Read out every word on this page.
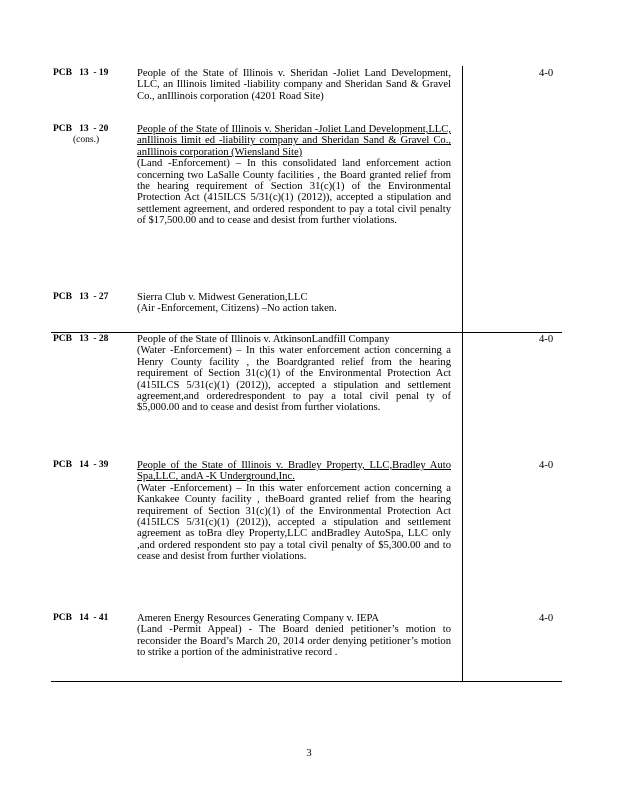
PCB   13  - 19	People of the State of Illinois v. Sheridan -Joliet Land Development, LLC, an Illinois limited -liability company and Sheridan Sand & Gravel Co., anIllinois corporation (4201 Road Site)

4-0
PCB   13  - 20
(cons.)

People of the State of Illinois v. Sheridan -Joliet Land Development,LLC, anIllinois limit ed -liability company and Sheridan Sand & Gravel Co., anIllinois corporation (Wiensland Site)

(Land -Enforcement) – In this consolidated land enforcement action concerning two LaSalle County facilities , the Board granted relief from the hearing requirement of Section 31(c)(1) of the Environmental Protection Act (415ILCS 5/31(c)(1) (2012)), accepted a stipulation and settlement agreement, and ordered respondent to pay a total civil penalty of $17,500.00 and to cease and desist from further violations.

PCB   13  - 27	Sierra Club v. Midwest Generation,LLC

(Air -Enforcement, Citizens) –No action taken.

PCB   13  - 28	People of the State of Illinois v. AtkinsonLandfill Company

(Water -Enforcement) – In this water enforcement action concerning a Henry County facility , the Boardgranted relief from the hearing requirement of Section 31(c)(1) of the Environmental Protection Act (415ILCS 5/31(c)(1) (2012)), accepted a stipulation and settlement agreement,and orderedrespondent to pay a total civil penal ty of $5,000.00 and to cease and desist from further violations.

4-0
PCB   14  - 39	People of the State of Illinois v. Bradley Property, LLC,Bradley Auto Spa,LLC, andA -K Underground,Inc.

(Water -Enforcement) – In this water enforcement action concerning a Kankakee County facility , theBoard granted relief from the hearing requirement of Section 31(c)(1) of the Environmental Protection Act (415ILCS 5/31(c)(1) (2012)), accepted a stipulation and settlement agreement as toBra dley Property,LLC andBradley AutoSpa, LLC only ,and ordered respondent sto pay a total civil penalty of $5,300.00 and to cease and desist from further violations.

4-0
PCB   14  - 41	Ameren Energy Resources Generating Company v. IEPA

(Land -Permit Appeal) - The Board denied petitioner’s motion to reconsider the Board’s March 20, 2014 order denying petitioner’s motion to strike a portion of the administrative record .

4-0
3
